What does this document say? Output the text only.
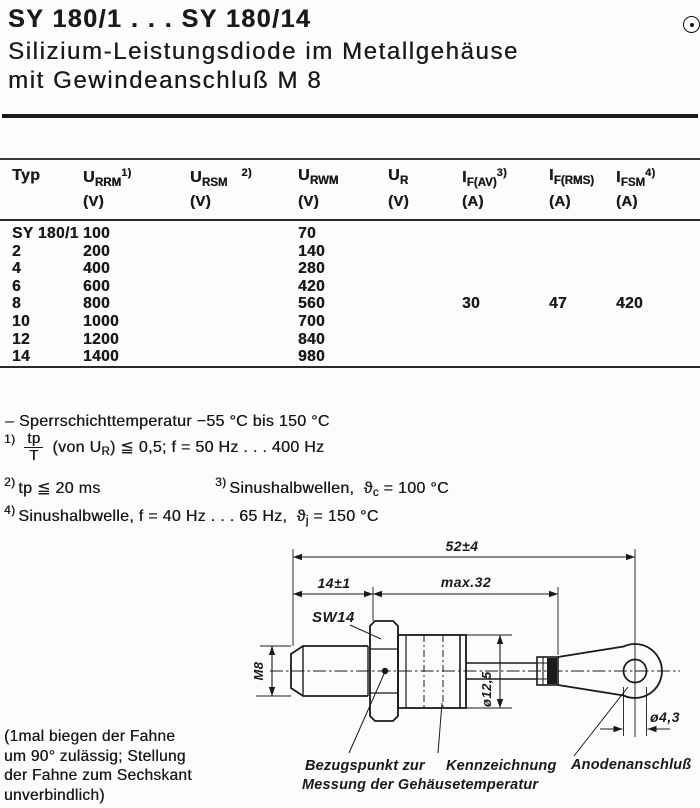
SY 180/1 . . . SY 180/14
Silizium-Leistungsdiode im Metallgehäuse
mit Gewindeanschluß M 8
Typ	$U_{RRM}^{1)}$	$U_{RSM}^{2)}$	$U_{RWM}$	$U_R$	$I_{F(AV)}^{3)}$	$I_{F(RMS)}$	$I_{FSM}^{4)}$
	(V)	(V)	(V)	(V)	(A)	(A)	(A)
SY 180/1	100		70				
2	200		140				
4	400		280				
6	600		420				
8	800		560		30	47	420
10	1000		700				
12	1200		840				
14	1400		980				
– Sperrschichttemperatur −55 °C bis 150 °C
$^{1)} \frac{tp}{T} (von$ UR) ≦ 0,5; f = 50 Hz . . . 400 Hz
$^{2)}$ tp ≦ 20 ms	$^{3)}$ Sinushalbwellen, ϑc = 100 °C
$^{4)}$ Sinushalbwelle, f = 40 Hz . . . 65 Hz, ϑj = 150 °C
(1mal biegen der Fahne
um 90° zulässig; Stellung
der Fahne zum Sechskant
unverbindlich)
52±4
14±1	max.32
SW14
M8
ø12,5
ø4,3
Bezugspunkt zur
Messung der Gehäusetemperatur
Kennzeichnung Anodenanschluß
